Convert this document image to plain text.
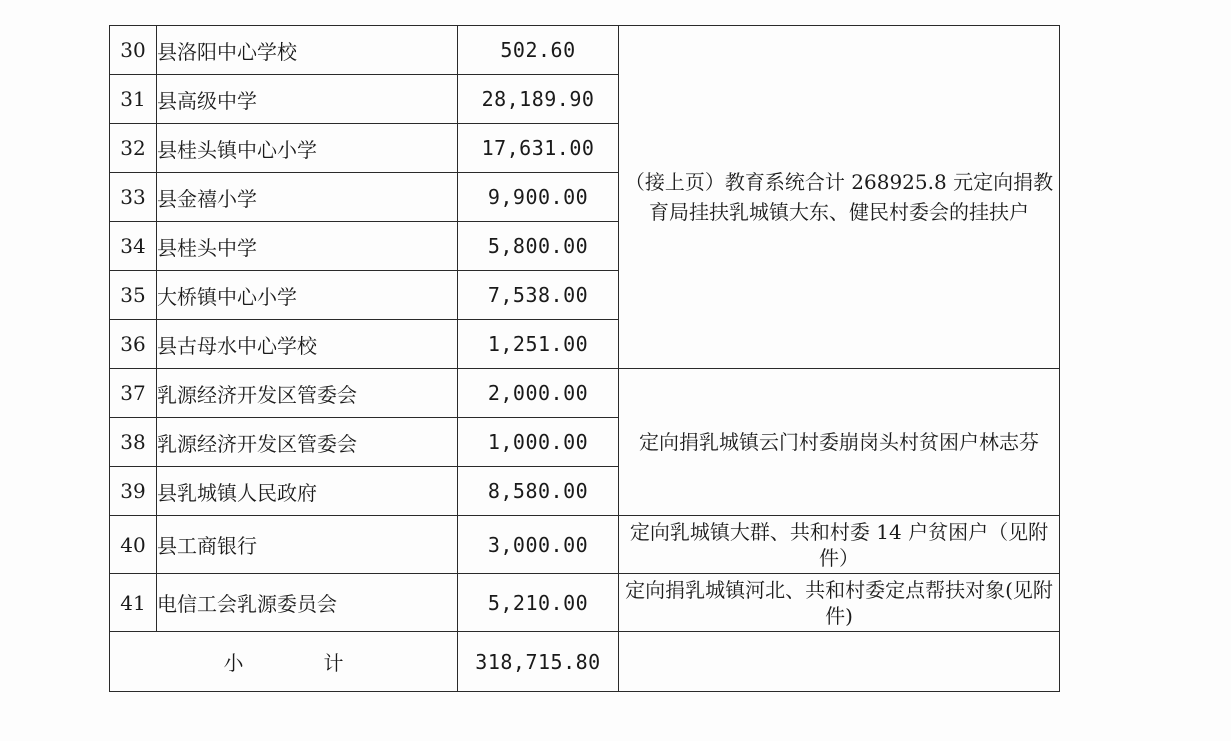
30	县洛阳中心学校	502.60	（接上页）教育系统合计 268925.8 元定向捐教育局挂扶乳城镇大东、健民村委会的挂扶户
31	县高级中学	28,189.90	
32	县桂头镇中心小学	17,631.00	
33	县金禧小学	9,900.00	
34	县桂头中学	5,800.00	
35	大桥镇中心小学	7,538.00	
36	县古母水中心学校	1,251.00	
37	乳源经济开发区管委会	2,000.00	定向捐乳城镇云门村委崩岗头村贫困户林志芬
38	乳源经济开发区管委会	1,000.00	
39	县乳城镇人民政府	8,580.00	
40	县工商银行	3,000.00	定向乳城镇大群、共和村委 14 户贫困户（见附件）
41	电信工会乳源委员会	5,210.00	定向捐乳城镇河北、共和村委定点帮扶对象(见附件)
小 计		318,715.80	
